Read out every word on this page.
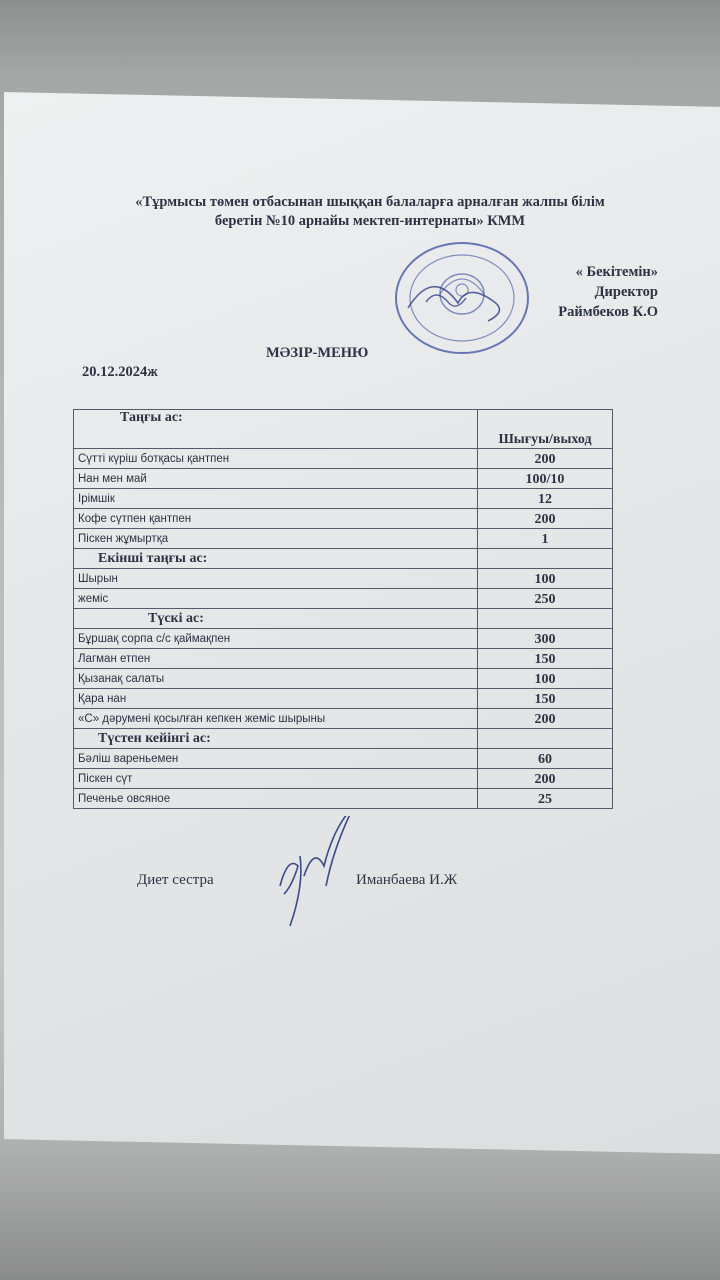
«Тұрмысы төмен отбасынан шыққан балаларға арналған жалпы білім
беретін №10 арнайы мектеп-интернаты» КММ
« Бекітемін»
Директор
Раймбеков К.О
МӘЗІР-МЕНЮ
20.12.2024ж
Таңғы ас:	Шығуы/выход
Сүтті күріш ботқасы қантпен	200
Нан мен май	100/10
Ірімшік	12
Кофе сүтпен қантпен	200
Піскен жұмыртқа	1
Екінші таңғы ас:	
Шырын	100
жеміс	250
Түскі ас:	
Бұршақ сорпа с/с қаймақпен	300
Лагман етпен	150
Қызанақ салаты	100
Қара нан	150
«С» дәрумені қосылған кепкен жеміс шырыны	200
Түстен кейінгі ас:	
Бәліш вареньемен	60
Піскен сүт	200
Печенье овсяное	25
Диет сестра	Иманбаева И.Ж
